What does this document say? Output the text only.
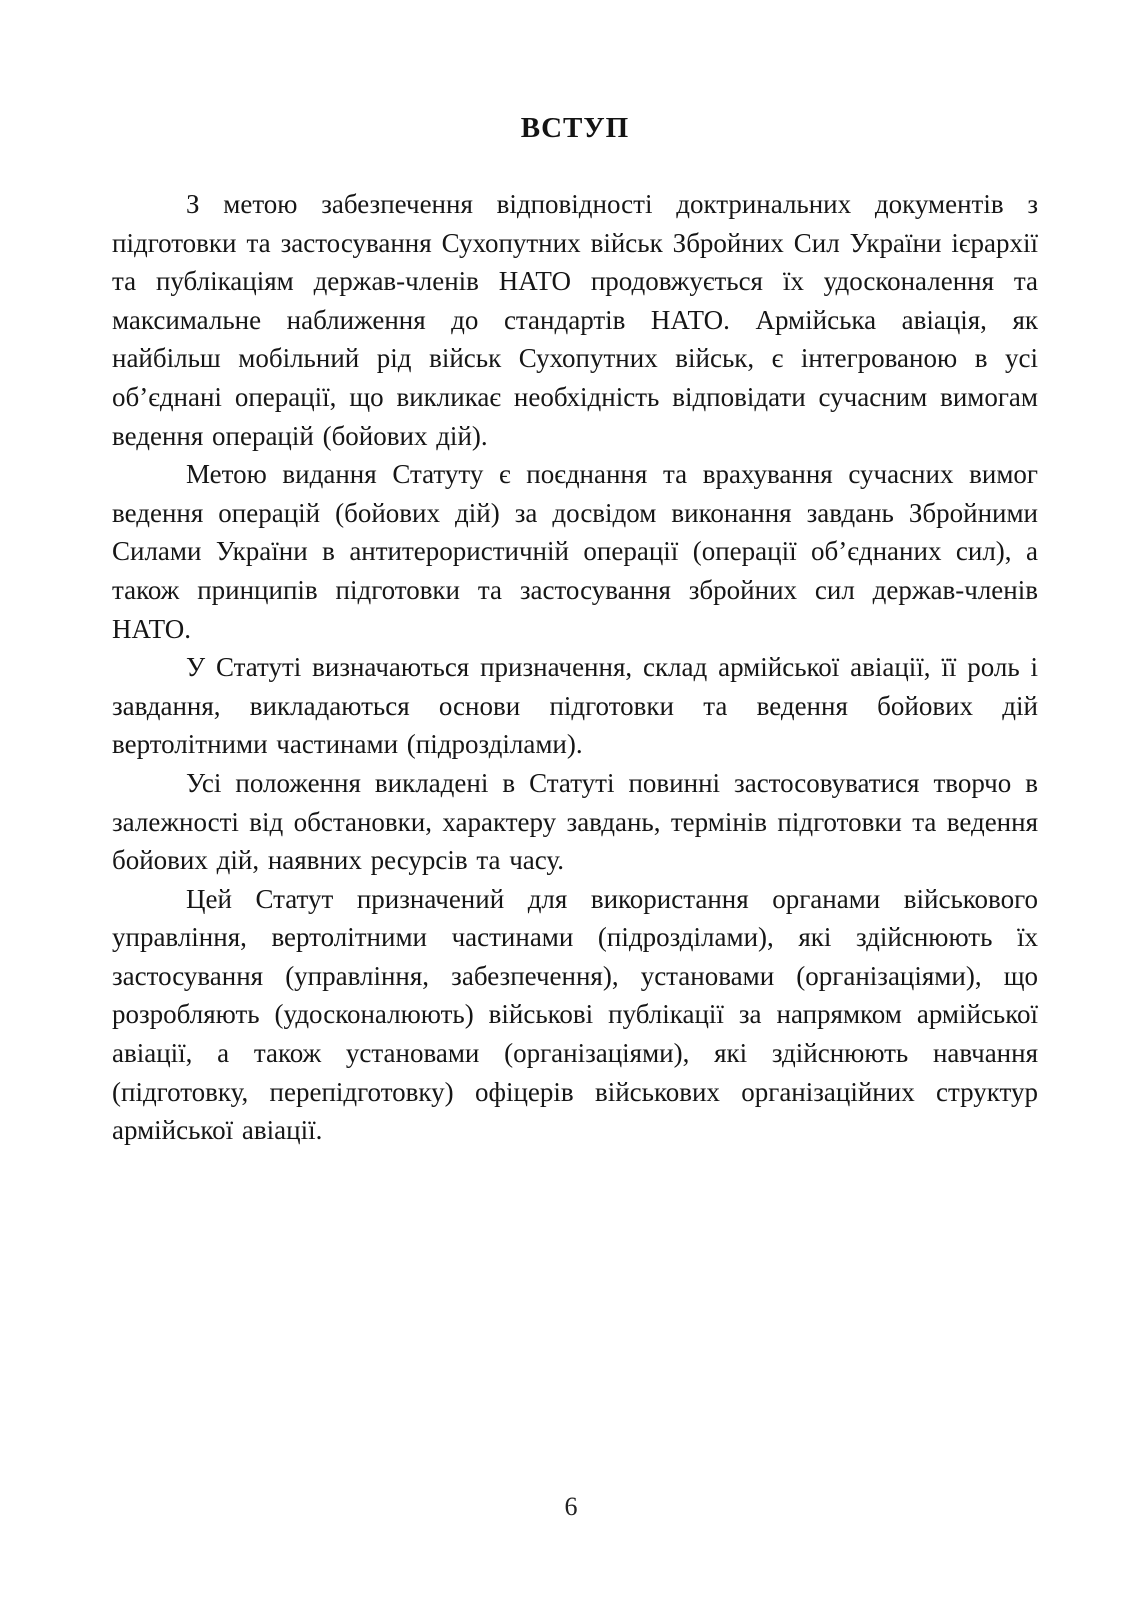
ВСТУП

З метою забезпечення відповідності доктринальних документів з підготовки та застосування Сухопутних військ Збройних Сил України ієрархії та публікаціям держав-членів НАТО продовжується їх удосконалення та максимальне наближення до стандартів НАТО. Армійська авіація, як найбільш мобільний рід військ Сухопутних військ, є інтегрованою в усі об’єднані операції, що викликає необхідність відповідати сучасним вимогам ведення операцій (бойових дій).

Метою видання Статуту є поєднання та врахування сучасних вимог ведення операцій (бойових дій) за досвідом виконання завдань Збройними Силами України в антитерористичній операції (операції об’єднаних сил), а також принципів підготовки та застосування збройних сил держав-членів НАТО.

У Статуті визначаються призначення, склад армійської авіації, її роль і завдання, викладаються основи підготовки та ведення бойових дій вертолітними частинами (підрозділами).

Усі положення викладені в Статуті повинні застосовуватися творчо в залежності від обстановки, характеру завдань, термінів підготовки та ведення бойових дій, наявних ресурсів та часу.

Цей Статут призначений для використання органами військового управління, вертолітними частинами (підрозділами), які здійснюють їх застосування (управління, забезпечення), установами (організаціями), що розробляють (удосконалюють) військові публікації за напрямком армійської авіації, а також установами (організаціями), які здійснюють навчання (підготовку, перепідготовку) офіцерів військових організаційних структур армійської авіації.

6
